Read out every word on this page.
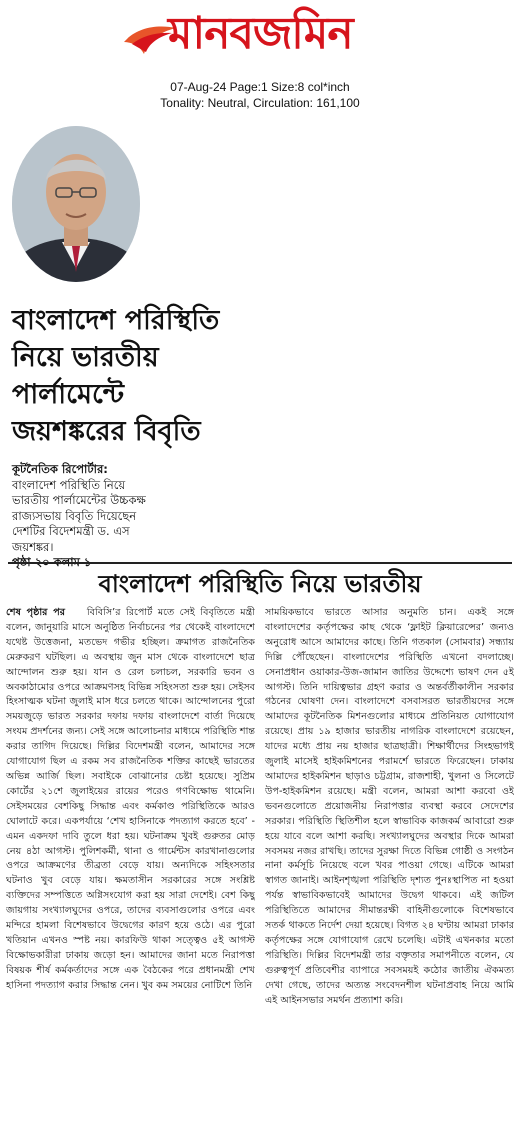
মানবজমিন
07-Aug-24 Page:1 Size:8 col*inch
Tonality: Neutral, Circulation: 161,100
বাংলাদেশ পরিস্থিতি
নিয়ে ভারতীয়
পার্লামেন্টে
জয়শঙ্করের বিবৃতি
কূটনৈতিক রিপোর্টার:
বাংলাদেশ পরিস্থিতি নিয়ে
ভারতীয় পার্লামেন্টের উচ্চকক্ষ
রাজ্যসভায় বিবৃতি দিয়েছেন
দেশটির বিদেশমন্ত্রী ড. এস
জয়শঙ্কর।
বাংলাদেশ পরিস্থিতি নিয়ে ভারতীয়
শেষ পৃষ্ঠার পর বিবিসি’র রিপোর্ট মতে সেই বিবৃতিতে মন্ত্রী বলেন, জানুয়ারি মাসে অনুষ্ঠিত নির্বাচনের পর থেকেই বাংলাদেশে যথেষ্ট উত্তেজনা, মতভেদ গভীর হচ্ছিল। ক্রমাগত রাজনৈতিক মেরুকরণ ঘটছিল। এ অবস্থায় জুন মাস থেকে বাংলাদেশে ছাত্র আন্দোলন শুরু হয়। যান ও রেল চলাচল, সরকারি ভবন ও অবকাঠামোর ওপরে আক্রমণসহ বিভিন্ন সহিংসতা শুরু হয়। সেইসব হিংসাত্মক ঘটনা জুলাই মাস ধরে চলতে থাকে। আন্দোলনের পুরো সময়জুড়ে ভারত সরকার দফায় দফায় বাংলাদেশে বার্তা দিয়েছে সংযম প্রদর্শনের জন্য। সেই সঙ্গে আলোচনার মাধ্যমে পরিস্থিতি শান্ত করার তাগিদ দিয়েছে। দিল্লির বিদেশমন্ত্রী বলেন, আমাদের সঙ্গে যোগাযোগ ছিল এ রকম সব রাজনৈতিক শক্তির কাছেই ভারতের অভিন্ন আর্জি ছিল। সবাইকে বোঝানোর চেষ্টা হয়েছে। সুপ্রিম কোর্টের ২১শে জুলাইয়ের রায়ের পরেও গণবিক্ষোভ থামেনি। সেইসময়ের বেশকিছু সিদ্ধান্ত এবং কর্মকাণ্ড পরিস্থিতিকে আরও ঘোলাটে করে। একপর্যায়ে ‘শেখ হাসিনাকে পদত্যাগ করতে হবে’ - এমন একদফা দাবি তুলে ধরা হয়। ঘটনাক্রম খুবই গুরুতর মোড় নেয় ৪ঠা আগস্ট। পুলিশকর্মী, থানা ও গার্মেন্টস কারখানাগুলোর ওপরে আক্রমণের তীব্রতা বেড়ে যায়। অন্যদিকে সহিংসতার ঘটনাও খুব বেড়ে যায়। ক্ষমতাসীন সরকারের সঙ্গে সংশ্লিষ্ট ব্যক্তিদের সম্পত্তিতে অগ্নিসংযোগ করা হয় সারা দেশেই। বেশ কিছু জায়গায় সংখ্যালঘুদের ওপরে, তাদের ব্যবসাগুলোর ওপরে এবং মন্দিরে হামলা বিশেষভাবে উদ্বেগের কারণ হয়ে ওঠে। এর পুরো খতিয়ান এখনও স্পষ্ট নয়। কারফিউ থাকা সত্ত্বেও ৫ই আগস্ট বিক্ষোভকারীরা ঢাকায় জড়ো হন। আমাদের জানা মতে নিরাপত্তা বিষয়ক শীর্ষ কর্মকর্তাদের সঙ্গে এক বৈঠকের পরে প্রধানমন্ত্রী শেখ হাসিনা পদত্যাগ করার সিদ্ধান্ত নেন। খুব কম সময়ের নোটিশে তিনি
সাময়িকভাবে ভারতে আসার অনুমতি চান। একই সঙ্গে বাংলাদেশের কর্তৃপক্ষের কাছ থেকে ‘ফ্লাইট ক্লিয়ারেন্সের’ জন্যও অনুরোধ আসে আমাদের কাছে। তিনি গতকাল (সোমবার) সন্ধ্যায় দিল্লি পৌঁছেছেন। বাংলাদেশের পরিস্থিতি এখনো বদলাচ্ছে। সেনাপ্রধান ওয়াকার-উজ-জামান জাতির উদ্দেশ্যে ভাষণ দেন ৫ই আগস্ট। তিনি দায়িত্বভার গ্রহণ করার ও অন্তর্বর্তীকালীন সরকার গঠনের ঘোষণা দেন। বাংলাদেশে বসবাসরত ভারতীয়দের সঙ্গে আমাদের কূটনৈতিক মিশনগুলোর মাধ্যমে প্রতিনিয়ত যোগাযোগ রয়েছে। প্রায় ১৯ হাজার ভারতীয় নাগরিক বাংলাদেশে রয়েছেন, যাদের মধ্যে প্রায় নয় হাজার ছাত্রছাত্রী। শিক্ষার্থীদের সিংহভাগই জুলাই মাসেই হাইকমিশনের পরামর্শে ভারতে ফিরেছেন। ঢাকায় আমাদের হাইকমিশন ছাড়াও চট্টগ্রাম, রাজশাহী, খুলনা ও সিলেটে উপ-হাইকমিশন রয়েছে। মন্ত্রী বলেন, আমরা আশা করবো ওই ভবনগুলোতে প্রয়োজনীয় নিরাপত্তার ব্যবস্থা করবে সেদেশের সরকার। পরিস্থিতি স্থিতিশীল হলে স্বাভাবিক কাজকর্ম আবারো শুরু হয়ে যাবে বলে আশা করছি। সংখ্যালঘুদের অবস্থার দিকে আমরা সবসময় নজর রাখছি। তাদের সুরক্ষা দিতে বিভিন্ন গোষ্ঠী ও সংগঠন নানা কর্মসূচি নিয়েছে বলে খবর পাওয়া গেছে। এটিকে আমরা স্বাগত জানাই। আইনশৃঙ্খলা পরিস্থিতি দৃশ্যত পুনঃস্থাপিত না হওয়া পর্যন্ত স্বাভাবিকভাবেই আমাদের উদ্বেগ থাকবে। এই জটিল পরিস্থিতিতে আমাদের সীমান্তরক্ষী বাহিনীগুলোকে বিশেষভাবে সতর্ক থাকতে নির্দেশ দেয়া হয়েছে। বিগত ২৪ ঘণ্টায় আমরা ঢাকার কর্তৃপক্ষের সঙ্গে যোগাযোগ রেখে চলেছি। এটাই এখনকার মতো পরিস্থিতি। দিল্লির বিদেশমন্ত্রী তার বক্তৃতার সমাপনীতে বলেন, যে গুরুত্বপূর্ণ প্রতিবেশীর ব্যাপারে সবসময়ই কঠোর জাতীয় ঐকমত্য দেখা গেছে, তাদের অত্যন্ত সংবেদনশীল ঘটনাপ্রবাহ নিয়ে আমি এই আইনসভার সমর্থন প্রত্যাশা করি।
